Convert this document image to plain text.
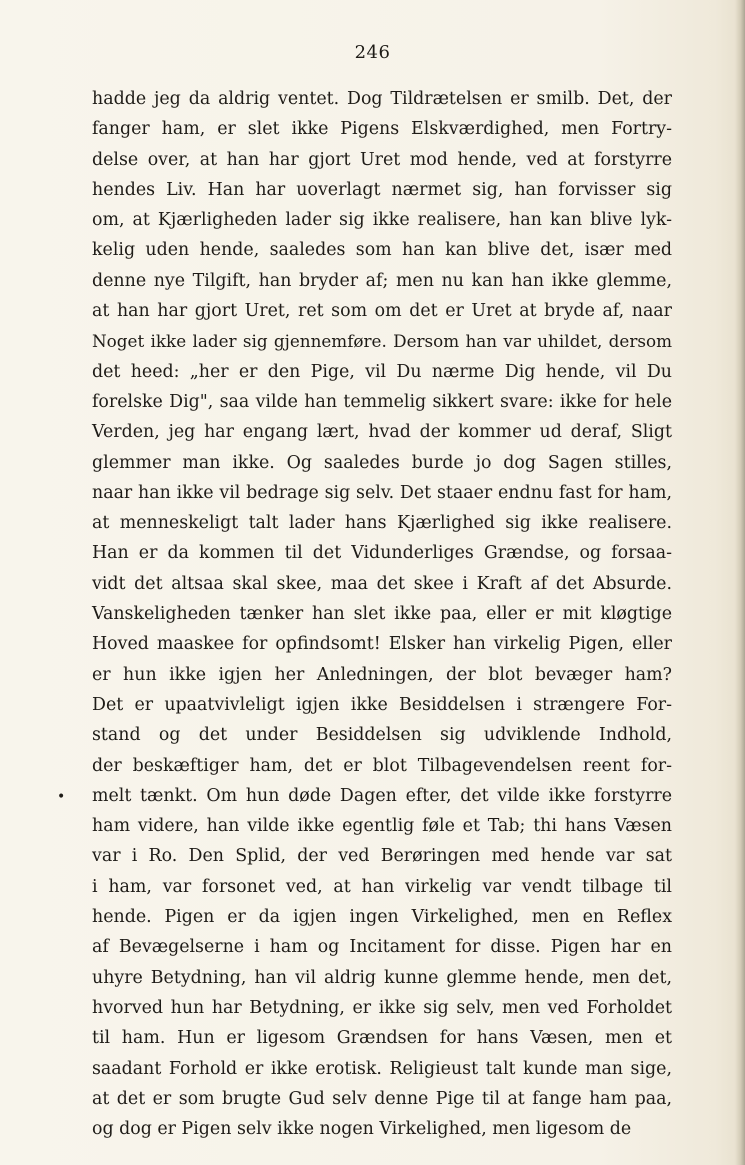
246
•
hadde jeg da aldrig ventet. Dog Tildrætelsen er smilb. Det, der
fanger ham, er slet ikke Pigens Elskværdighed, men Fortry-
delse over, at han har gjort Uret mod hende, ved at forstyrre
hendes Liv. Han har uoverlagt nærmet sig, han forvisser sig
om, at Kjærligheden lader sig ikke realisere, han kan blive lyk-
kelig uden hende, saaledes som han kan blive det, især med
denne nye Tilgift, han bryder af; men nu kan han ikke glemme,
at han har gjort Uret, ret som om det er Uret at bryde af, naar
Noget ikke lader sig gjennemføre. Dersom han var uhildet, dersom
det heed: „her er den Pige, vil Du nærme Dig hende, vil Du
forelske Dig", saa vilde han temmelig sikkert svare: ikke for hele
Verden, jeg har engang lært, hvad der kommer ud deraf, Sligt
glemmer man ikke. Og saaledes burde jo dog Sagen stilles,
naar han ikke vil bedrage sig selv. Det staaer endnu fast for ham,
at menneskeligt talt lader hans Kjærlighed sig ikke realisere.
Han er da kommen til det Vidunderliges Grændse, og forsaa-
vidt det altsaa skal skee, maa det skee i Kraft af det Absurde.
Vanskeligheden tænker han slet ikke paa, eller er mit kløgtige
Hoved maaskee for opfindsomt! Elsker han virkelig Pigen, eller
er hun ikke igjen her Anledningen, der blot bevæger ham?
Det er upaatvivleligt igjen ikke Besiddelsen i strængere For-
stand og det under Besiddelsen sig udviklende Indhold,
der beskæftiger ham, det er blot Tilbagevendelsen reent for-
melt tænkt. Om hun døde Dagen efter, det vilde ikke forstyrre
ham videre, han vilde ikke egentlig føle et Tab; thi hans Væsen
var i Ro. Den Splid, der ved Berøringen med hende var sat
i ham, var forsonet ved, at han virkelig var vendt tilbage til
hende. Pigen er da igjen ingen Virkelighed, men en Reflex
af Bevægelserne i ham og Incitament for disse. Pigen har en
uhyre Betydning, han vil aldrig kunne glemme hende, men det,
hvorved hun har Betydning, er ikke sig selv, men ved Forholdet
til ham. Hun er ligesom Grændsen for hans Væsen, men et
saadant Forhold er ikke erotisk. Religieust talt kunde man sige,
at det er som brugte Gud selv denne Pige til at fange ham paa,
og dog er Pigen selv ikke nogen Virkelighed, men ligesom de
